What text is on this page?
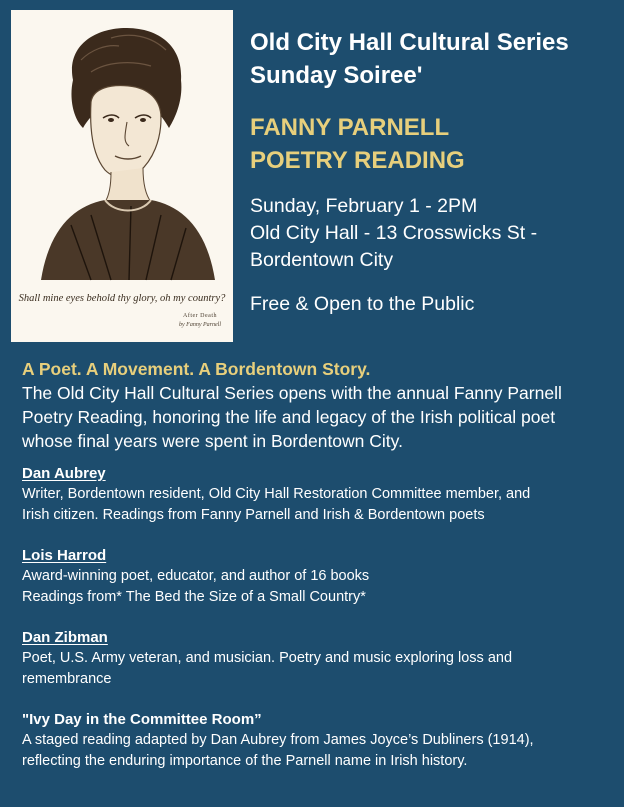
Shall mine eyes behold thy glory, oh my country?
After Death
by Fanny Parnell
Old City Hall Cultural Series
Sunday Soiree'
FANNY PARNELL
POETRY READING
Sunday, February 1 - 2PM
Old City Hall - 13 Crosswicks St -
Bordentown City
Free & Open to the Public
A Poet. A Movement. A Bordentown Story.
The Old City Hall Cultural Series opens with the annual Fanny Parnell
Poetry Reading, honoring the life and legacy of the Irish political poet
whose final years were spent in Bordentown City.
Dan Aubrey
Writer, Bordentown resident, Old City Hall Restoration Committee member, and
Irish citizen. Readings from Fanny Parnell and Irish & Bordentown poets
Lois Harrod
Award-winning poet, educator, and author of 16 books
Readings from* The Bed the Size of a Small Country*
Dan Zibman
Poet, U.S. Army veteran, and musician. Poetry and music exploring loss and
remembrance
"Ivy Day in the Committee Room”
A staged reading adapted by Dan Aubrey from James Joyce’s Dubliners (1914),
reflecting the enduring importance of the Parnell name in Irish history.
